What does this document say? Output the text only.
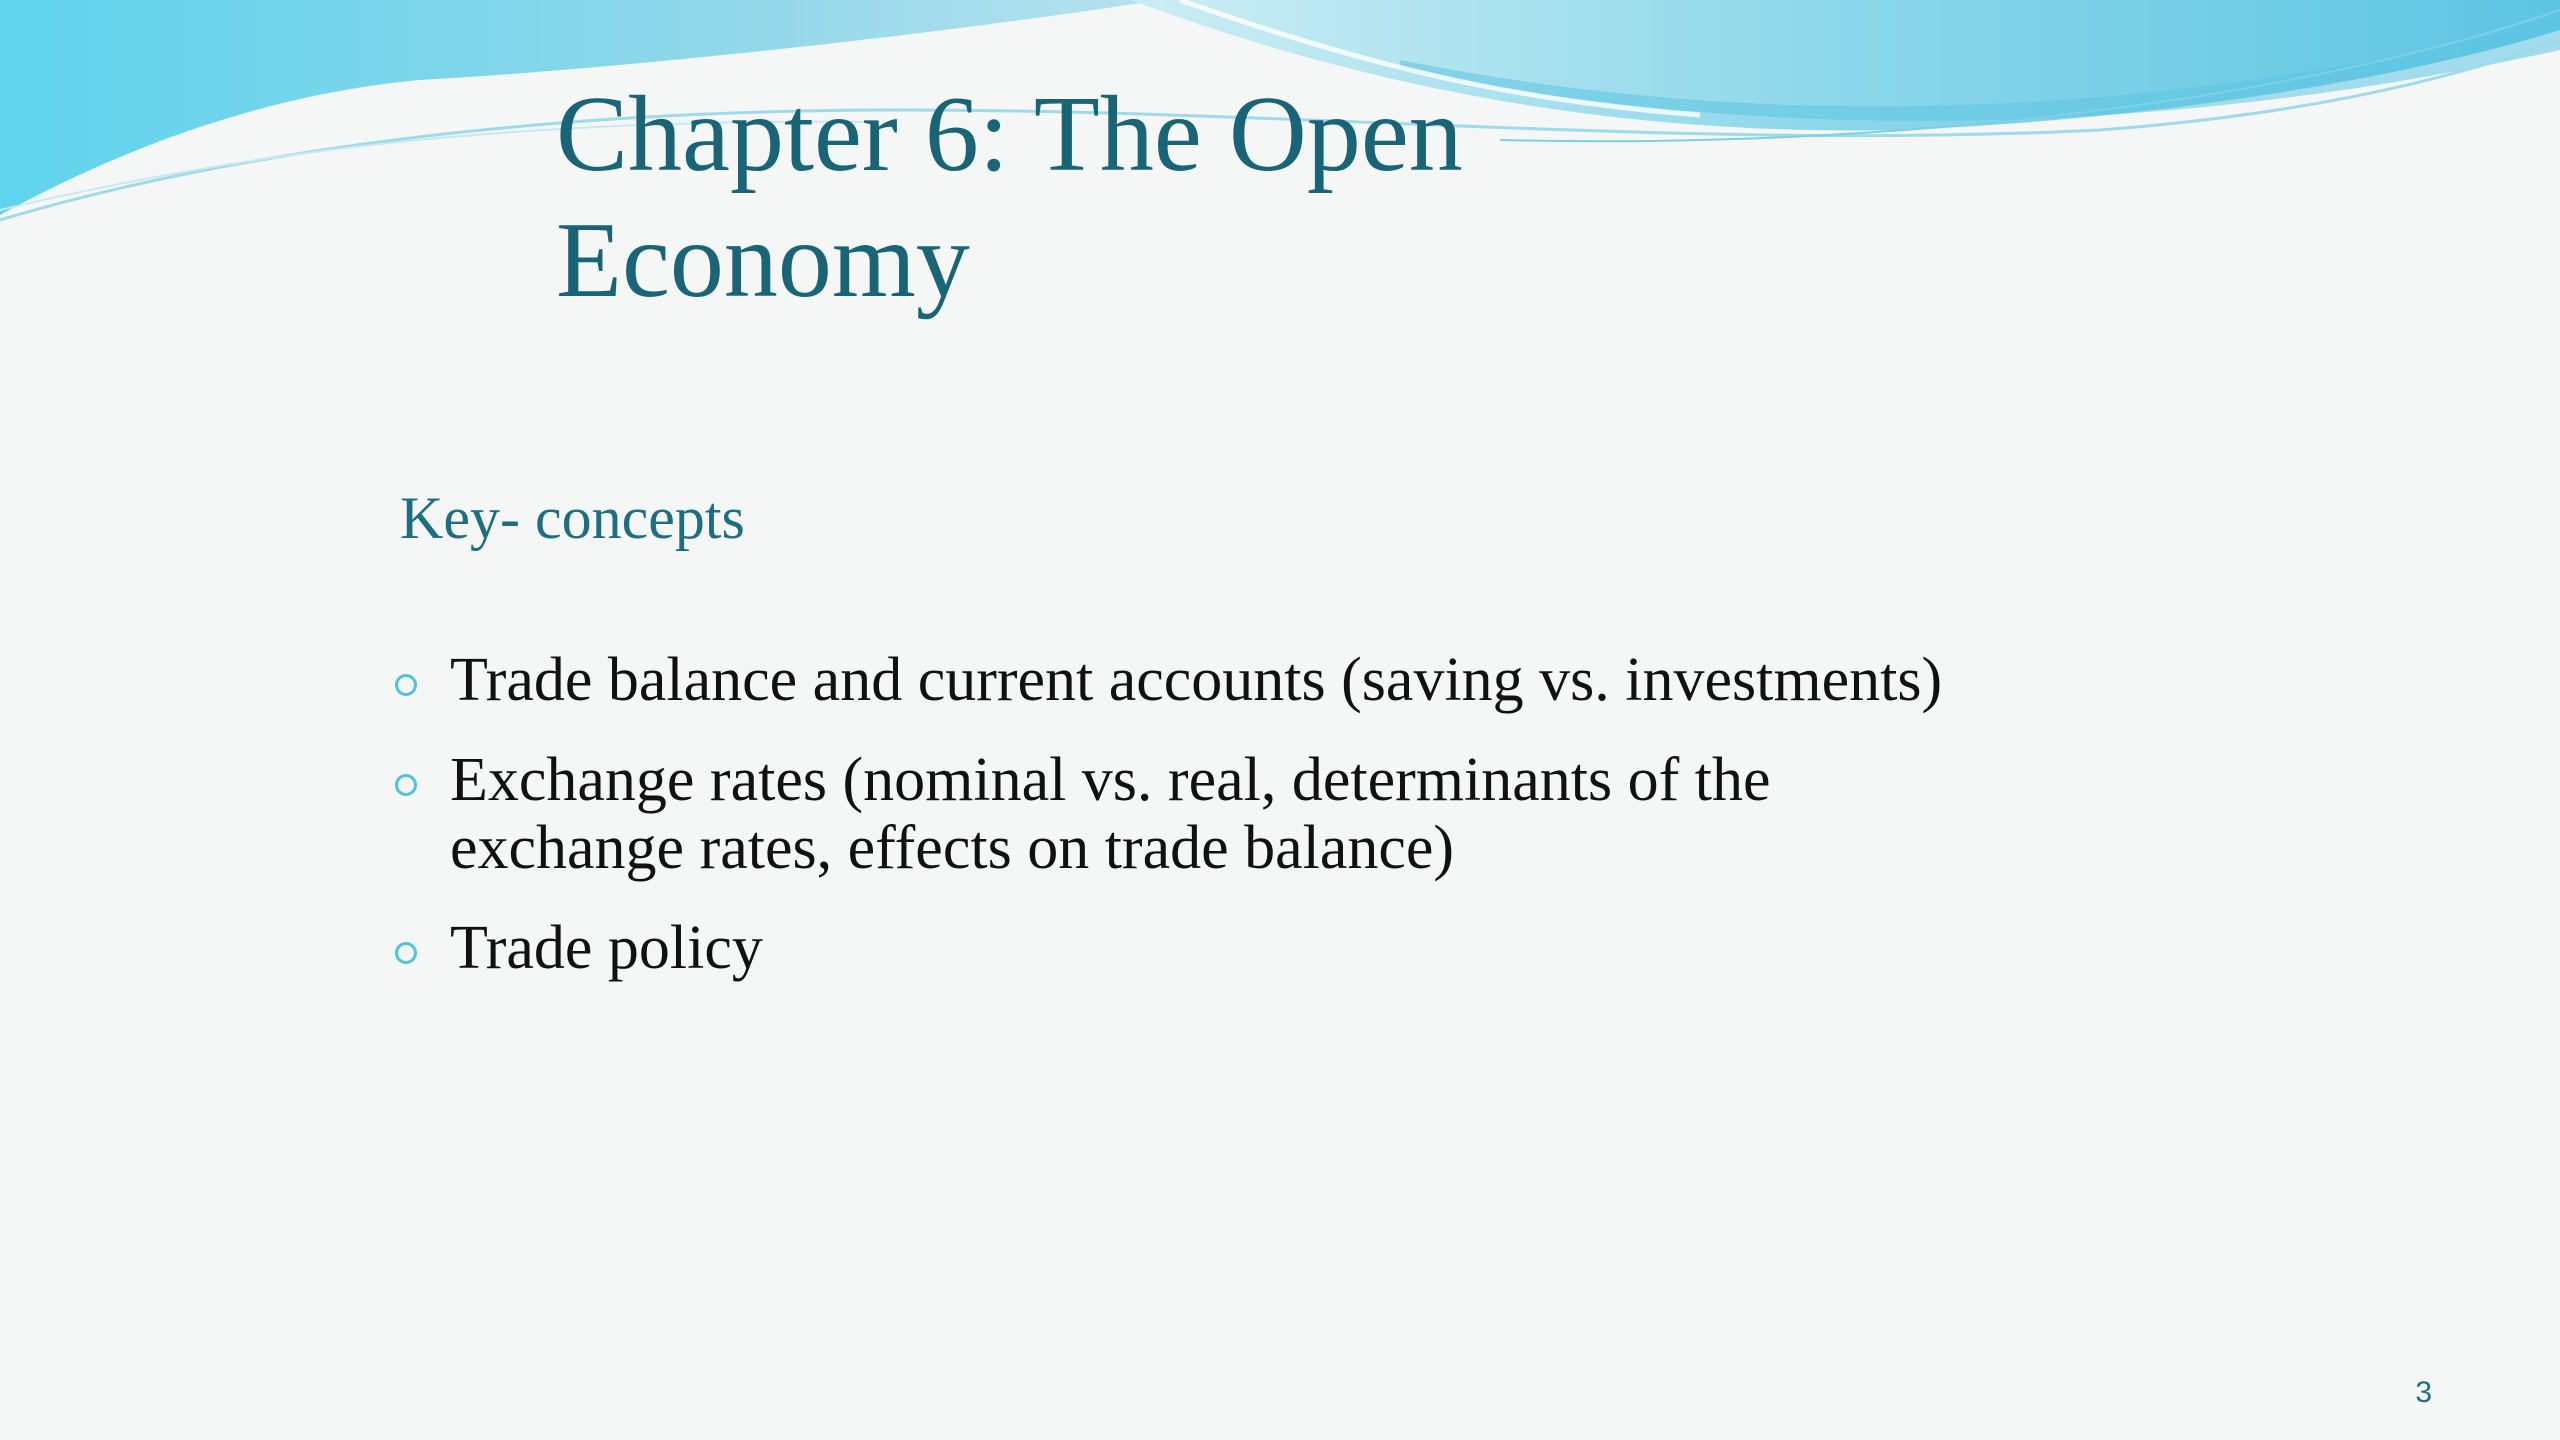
Chapter 6: The Open Economy
Key- concepts
Trade balance and current accounts (saving vs. investments)
Exchange rates (nominal vs. real, determinants of the exchange rates, effects on trade balance)
Trade policy
3
